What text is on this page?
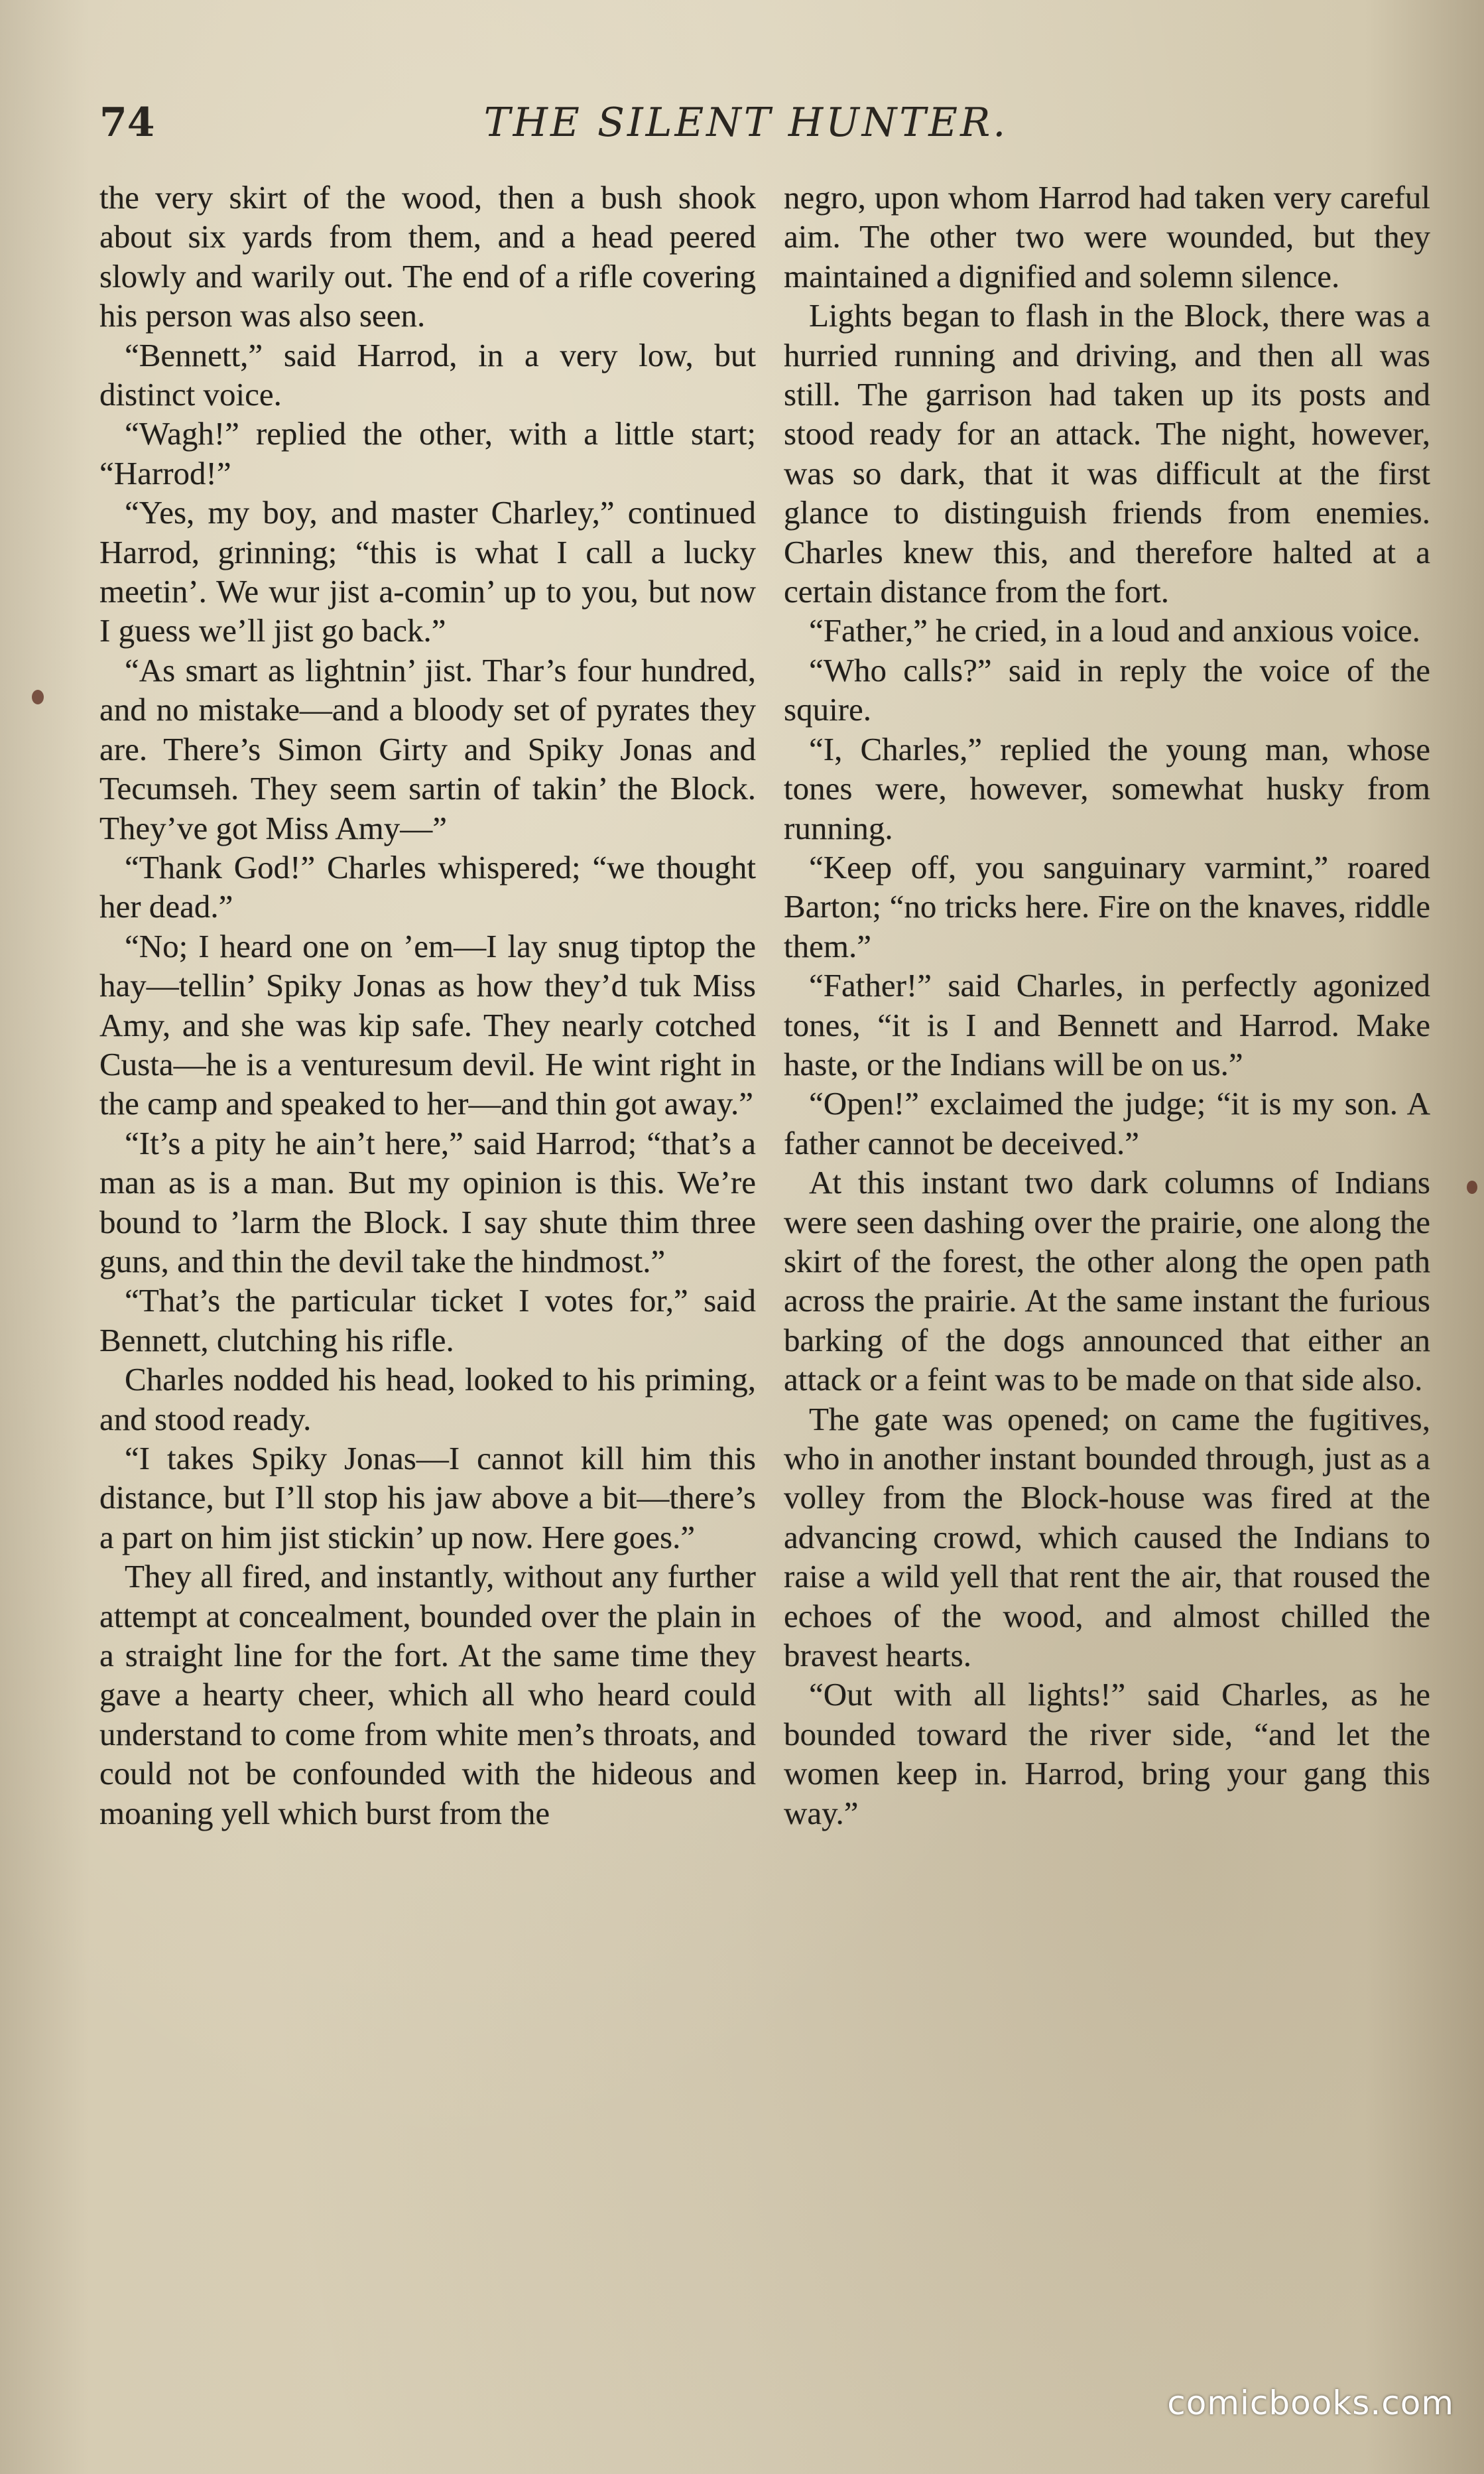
74	THE SILENT HUNTER.

the very skirt of the wood, then a bush shook about six yards from them, and a head peered slowly and warily out. The end of a rifle covering his person was also seen.

“Bennett,” said Harrod, in a very low, but distinct voice.

“Wagh!” replied the other, with a little start; “Harrod!”

“Yes, my boy, and master Charley,” continued Harrod, grinning; “this is what I call a lucky meetin’. We wur jist a-comin’ up to you, but now I guess we’ll jist go back.”

“As smart as lightnin’ jist. Thar’s four hundred, and no mistake—and a bloody set of pyrates they are. There’s Simon Girty and Spiky Jonas and Tecumseh. They seem sartin of takin’ the Block. They’ve got Miss Amy—”

“Thank God!” Charles whispered; “we thought her dead.”

“No; I heard one on ’em—I lay snug tiptop the hay—tellin’ Spiky Jonas as how they’d tuk Miss Amy, and she was kip safe. They nearly cotched Custa—he is a venturesum devil. He wint right in the camp and speaked to her—and thin got away.”

“It’s a pity he ain’t here,” said Harrod; “that’s a man as is a man. But my opinion is this. We’re bound to ’larm the Block. I say shute thim three guns, and thin the devil take the hindmost.”

“That’s the particular ticket I votes for,” said Bennett, clutching his rifle.

Charles nodded his head, looked to his priming, and stood ready.

“I takes Spiky Jonas—I cannot kill him this distance, but I’ll stop his jaw above a bit—there’s a part on him jist stickin’ up now. Here goes.”

They all fired, and instantly, without any further attempt at concealment, bounded over the plain in a straight line for the fort. At the same time they gave a hearty cheer, which all who heard could understand to come from white men’s throats, and could not be confounded with the hideous and moaning yell which burst from the

negro, upon whom Harrod had taken very careful aim. The other two were wounded, but they maintained a dignified and solemn silence.

Lights began to flash in the Block, there was a hurried running and driving, and then all was still. The garrison had taken up its posts and stood ready for an attack. The night, however, was so dark, that it was difficult at the first glance to distinguish friends from enemies. Charles knew this, and therefore halted at a certain distance from the fort.

“Father,” he cried, in a loud and anxious voice.

“Who calls?” said in reply the voice of the squire.

“I, Charles,” replied the young man, whose tones were, however, somewhat husky from running.

“Keep off, you sanguinary varmint,” roared Barton; “no tricks here. Fire on the knaves, riddle them.”

“Father!” said Charles, in perfectly agonized tones, “it is I and Bennett and Harrod. Make haste, or the Indians will be on us.”

“Open!” exclaimed the judge; “it is my son. A father cannot be deceived.”

At this instant two dark columns of Indians were seen dashing over the prairie, one along the skirt of the forest, the other along the open path across the prairie. At the same instant the furious barking of the dogs announced that either an attack or a feint was to be made on that side also.

The gate was opened; on came the fugitives, who in another instant bounded through, just as a volley from the Block-house was fired at the advancing crowd, which caused the Indians to raise a wild yell that rent the air, that roused the echoes of the wood, and almost chilled the bravest hearts.

“Out with all lights!” said Charles, as he bounded toward the river side, “and let the women keep in. Harrod, bring your gang this way.”

comicbooks.com
